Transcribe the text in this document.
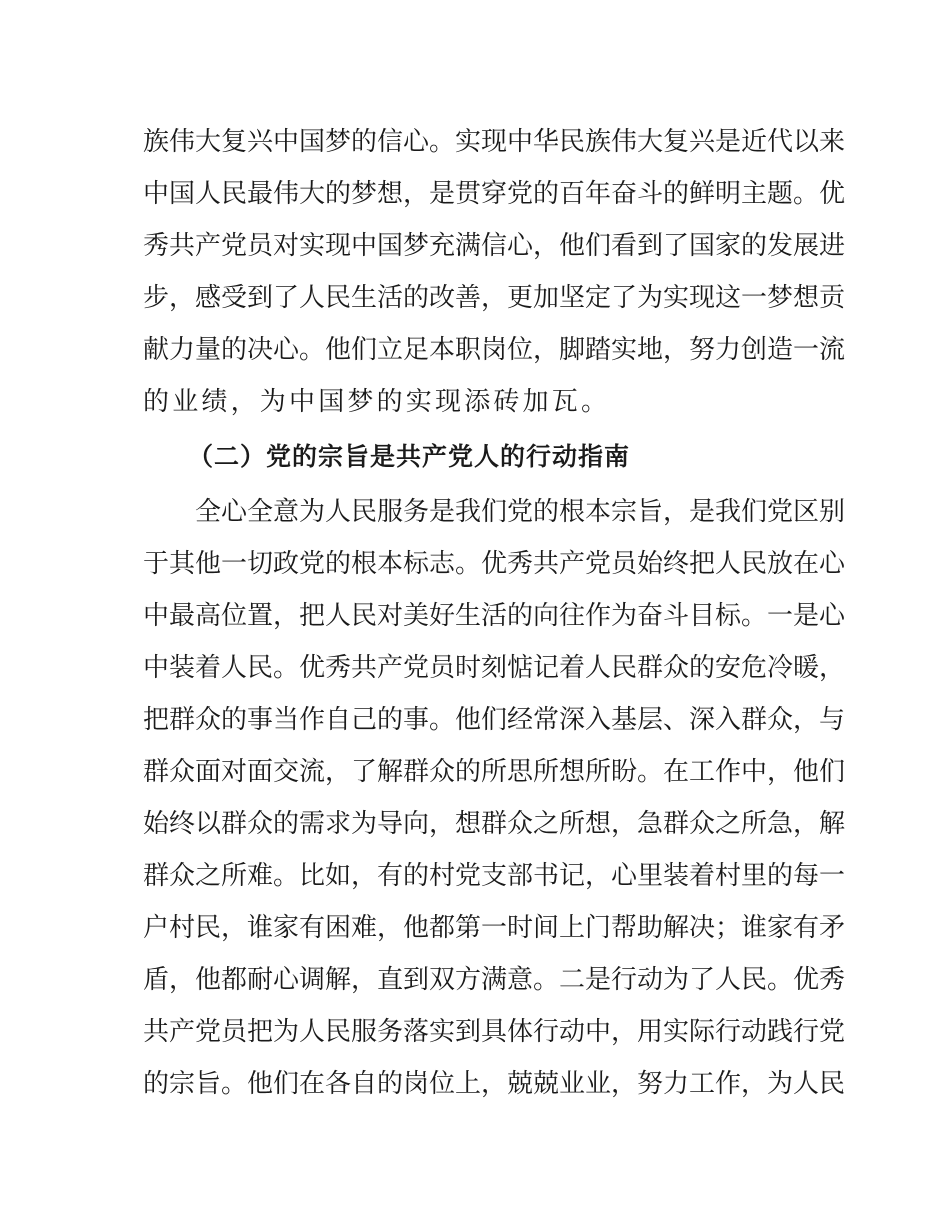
族伟大复兴中国梦的信心。实现中华民族伟大复兴是近代以来
中国人民最伟大的梦想，是贯穿党的百年奋斗的鲜明主题。优
秀共产党员对实现中国梦充满信心，他们看到了国家的发展进
步，感受到了人民生活的改善，更加坚定了为实现这一梦想贡
献力量的决心。他们立足本职岗位，脚踏实地，努力创造一流
的业绩，为中国梦的实现添砖加瓦。
（二）党的宗旨是共产党人的行动指南
全心全意为人民服务是我们党的根本宗旨，是我们党区别
于其他一切政党的根本标志。优秀共产党员始终把人民放在心
中最高位置，把人民对美好生活的向往作为奋斗目标。一是心
中装着人民。优秀共产党员时刻惦记着人民群众的安危冷暖，
把群众的事当作自己的事。他们经常深入基层、深入群众，与
群众面对面交流，了解群众的所思所想所盼。在工作中，他们
始终以群众的需求为导向，想群众之所想，急群众之所急，解
群众之所难。比如，有的村党支部书记，心里装着村里的每一
户村民，谁家有困难，他都第一时间上门帮助解决；谁家有矛
盾，他都耐心调解，直到双方满意。二是行动为了人民。优秀
共产党员把为人民服务落实到具体行动中，用实际行动践行党
的宗旨。他们在各自的岗位上，兢兢业业，努力工作，为人民
